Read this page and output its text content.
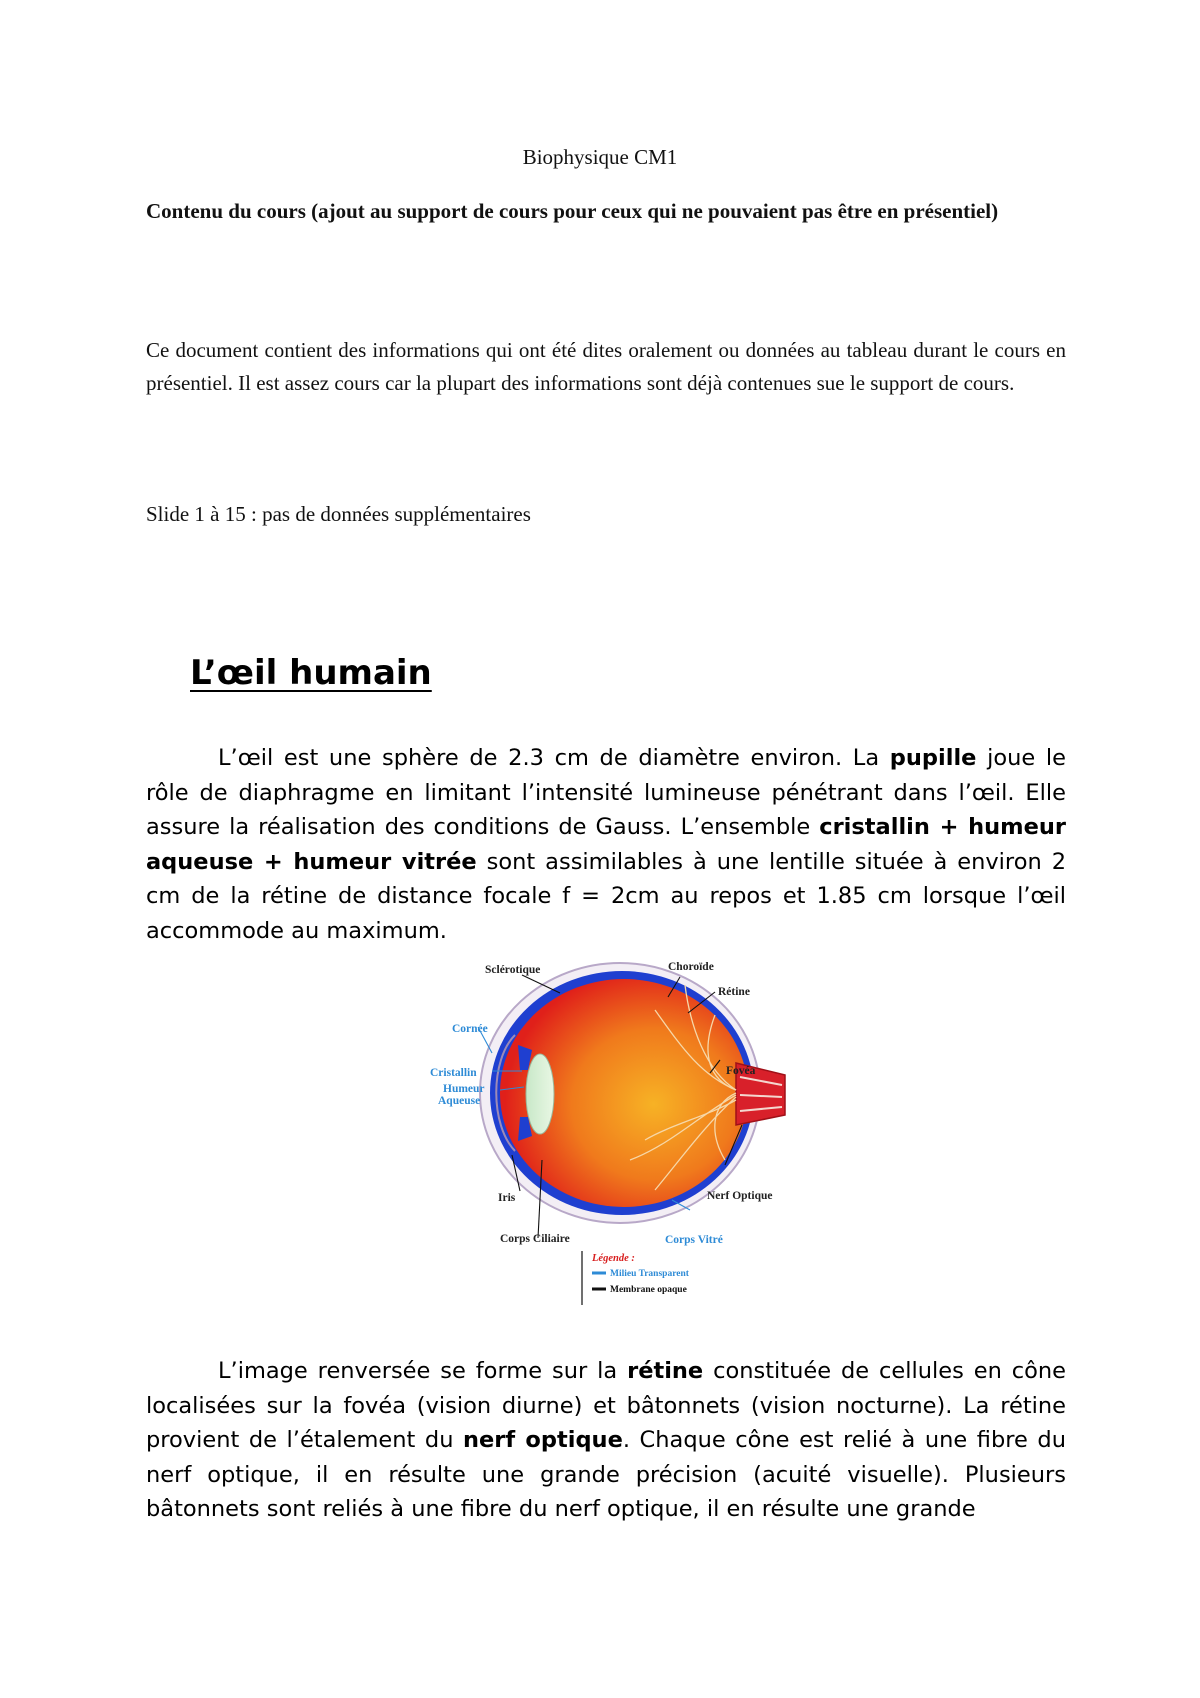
Biophysique CM1
Contenu du cours (ajout au support de cours pour ceux qui ne pouvaient pas être en présentiel)
Ce document contient des informations qui ont été dites oralement ou données au tableau durant le cours en présentiel. Il est assez cours car la plupart des informations sont déjà contenues sue le support de cours.
Slide 1 à 15 : pas de données supplémentaires
L’œil humain
L’œil est une sphère de 2.3 cm de diamètre environ. La pupille joue le rôle de diaphragme en limitant l’intensité lumineuse pénétrant dans l’œil. Elle assure la réalisation des conditions de Gauss. L’ensemble cristallin + humeur aqueuse + humeur vitrée sont assimilables à une lentille située à environ 2 cm de la rétine de distance focale f = 2cm au repos et 1.85 cm lorsque l’œil accommode au maximum.
Sclérotique	Choroïde
Rétine
Cornée
Fovéa
Cristallin
Humeur
Aqueuse
Iris	Nerf Optique
Corps Ciliaire	Corps Vitré
Légende :
Milieu Transparent
Membrane opaque
L’image renversée se forme sur la rétine constituée de cellules en cône localisées sur la fovéa (vision diurne) et bâtonnets (vision nocturne). La rétine provient de l’étalement du nerf optique. Chaque cône est relié à une fibre du nerf optique, il en résulte une grande précision (acuité visuelle). Plusieurs bâtonnets sont reliés à une fibre du nerf optique, il en résulte une grande
